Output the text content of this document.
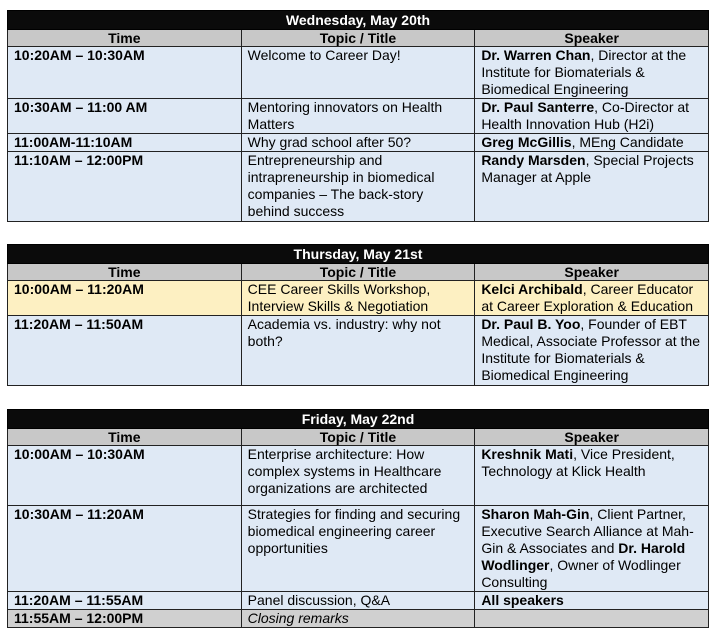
Wednesday, May 20th		
Time	Topic / Title	Speaker
10:20AM – 10:30AM	Welcome to Career Day!	Dr. Warren Chan, Director at the Institute for Biomaterials & Biomedical Engineering
10:30AM – 11:00 AM	Mentoring innovators on Health Matters	Dr. Paul Santerre, Co-Director at Health Innovation Hub (H2i)
11:00AM-11:10AM	Why grad school after 50?	Greg McGillis, MEng Candidate
11:10AM – 12:00PM	Entrepreneurship and intrapreneurship in biomedical companies – The back-story behind success	Randy Marsden, Special Projects Manager at Apple
Thursday, May 21st		
Time	Topic / Title	Speaker
10:00AM – 11:20AM	CEE Career Skills Workshop, Interview Skills & Negotiation	Kelci Archibald, Career Educator at Career Exploration & Education
11:20AM – 11:50AM	Academia vs. industry: why not both?	Dr. Paul B. Yoo, Founder of EBT Medical, Associate Professor at the Institute for Biomaterials & Biomedical Engineering
Friday, May 22nd		
Time	Topic / Title	Speaker
10:00AM – 10:30AM	Enterprise architecture: How complex systems in Healthcare organizations are architected	Kreshnik Mati, Vice President, Technology at Klick Health
10:30AM – 11:20AM	Strategies for finding and securing biomedical engineering career opportunities	Sharon Mah-Gin, Client Partner, Executive Search Alliance at Mah-Gin & Associates and Dr. Harold Wodlinger, Owner of Wodlinger Consulting
11:20AM – 11:55AM	Panel discussion, Q&A	All speakers
11:55AM – 12:00PM	Closing remarks	
